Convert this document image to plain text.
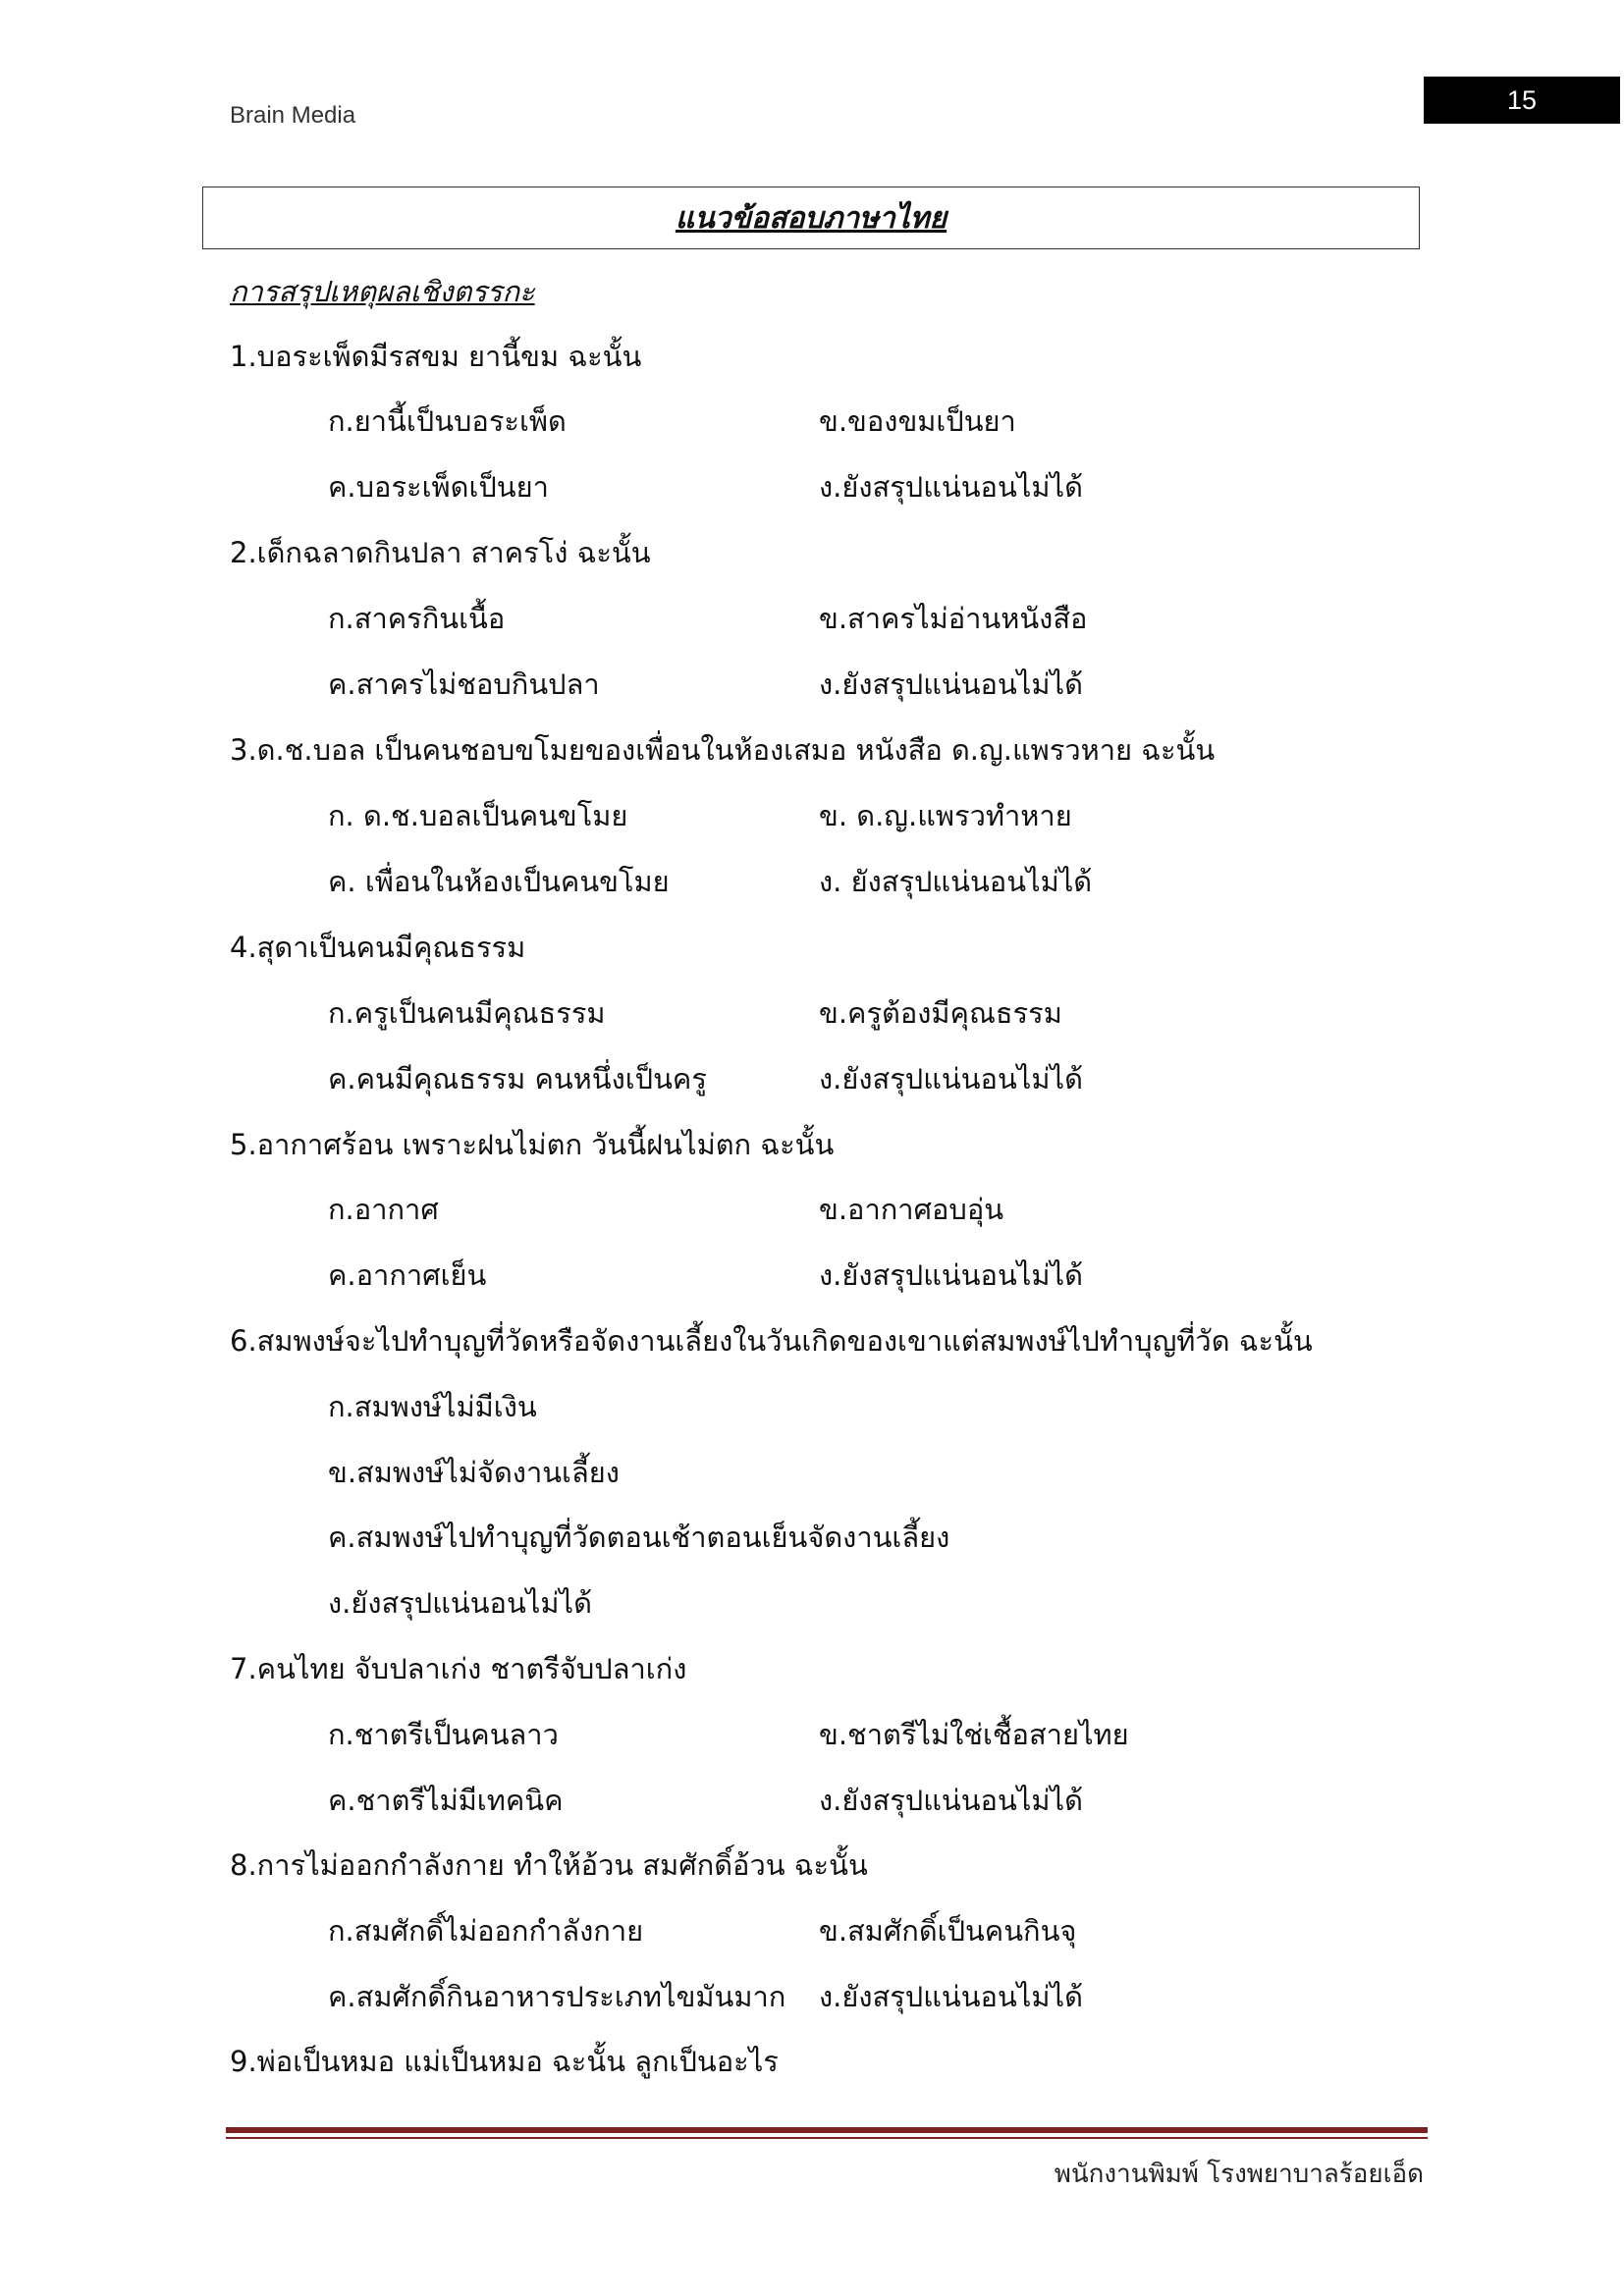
Brain Media
15
แนวข้อสอบภาษาไทย
การสรุปเหตุผลเชิงตรรกะ
1.บอระเพ็ดมีรสขม ยานี้ขม ฉะนั้น
ก.ยานี้เป็นบอระเพ็ด	ข.ของขมเป็นยา
ค.บอระเพ็ดเป็นยา	ง.ยังสรุปแน่นอนไม่ได้
2.เด็กฉลาดกินปลา สาครโง่ ฉะนั้น
ก.สาครกินเนื้อ	ข.สาครไม่อ่านหนังสือ
ค.สาครไม่ชอบกินปลา	ง.ยังสรุปแน่นอนไม่ได้
3.ด.ช.บอล เป็นคนชอบขโมยของเพื่อนในห้องเสมอ หนังสือ ด.ญ.แพรวหาย ฉะนั้น
ก. ด.ช.บอลเป็นคนขโมย	ข. ด.ญ.แพรวทำหาย
ค. เพื่อนในห้องเป็นคนขโมย	ง. ยังสรุปแน่นอนไม่ได้
4.สุดาเป็นคนมีคุณธรรม
ก.ครูเป็นคนมีคุณธรรม	ข.ครูต้องมีคุณธรรม
ค.คนมีคุณธรรม คนหนึ่งเป็นครู	ง.ยังสรุปแน่นอนไม่ได้
5.อากาศร้อน เพราะฝนไม่ตก วันนี้ฝนไม่ตก ฉะนั้น
ก.อากาศ	ข.อากาศอบอุ่น
ค.อากาศเย็น	ง.ยังสรุปแน่นอนไม่ได้
6.สมพงษ์จะไปทำบุญที่วัดหรือจัดงานเลี้ยงในวันเกิดของเขาแต่สมพงษ์ไปทำบุญที่วัด ฉะนั้น
ก.สมพงษ์ไม่มีเงิน
ข.สมพงษ์ไม่จัดงานเลี้ยง
ค.สมพงษ์ไปทำบุญที่วัดตอนเช้าตอนเย็นจัดงานเลี้ยง
ง.ยังสรุปแน่นอนไม่ได้
7.คนไทย จับปลาเก่ง ชาตรีจับปลาเก่ง
ก.ชาตรีเป็นคนลาว	ข.ชาตรีไม่ใช่เชื้อสายไทย
ค.ชาตรีไม่มีเทคนิค	ง.ยังสรุปแน่นอนไม่ได้
8.การไม่ออกกำลังกาย ทำให้อ้วน สมศักดิ์อ้วน ฉะนั้น
ก.สมศักดิ์ไม่ออกกำลังกาย	ข.สมศักดิ์เป็นคนกินจุ
ค.สมศักดิ์กินอาหารประเภทไขมันมาก ง.ยังสรุปแน่นอนไม่ได้
9.พ่อเป็นหมอ แม่เป็นหมอ ฉะนั้น ลูกเป็นอะไร
พนักงานพิมพ์ โรงพยาบาลร้อยเอ็ด
